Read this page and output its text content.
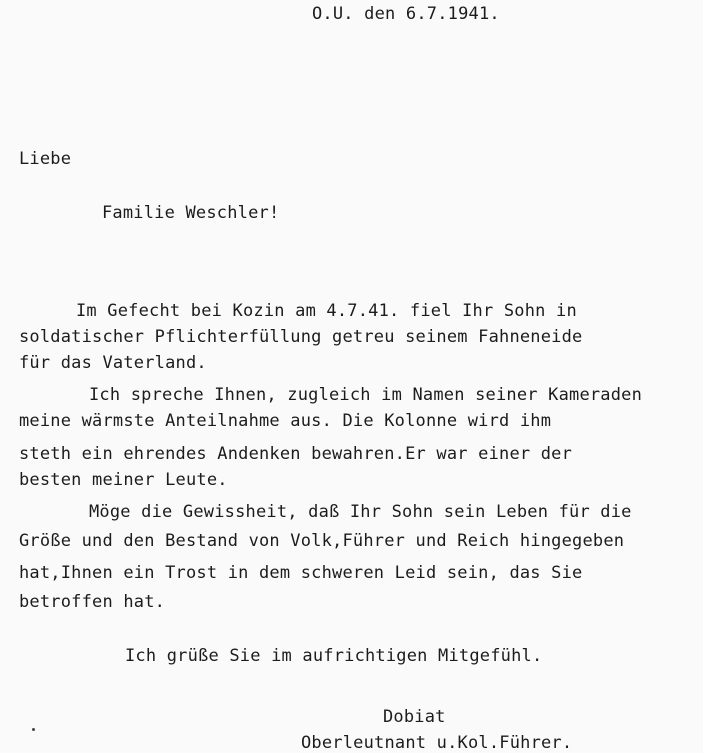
O.U. den 6.7.1941.
Liebe
Familie Weschler!
Im Gefecht bei Kozin am 4.7.41. fiel Ihr Sohn in
soldatischer Pflichterfüllung getreu seinem Fahneneide
für das Vaterland.
Ich spreche Ihnen, zugleich im Namen seiner Kameraden
meine wärmste Anteilnahme aus. Die Kolonne wird ihm
steth ein ehrendes Andenken bewahren.Er war einer der
besten meiner Leute.
Möge die Gewissheit, daß Ihr Sohn sein Leben für die
Größe und den Bestand von Volk,Führer und Reich hingegeben
hat,Ihnen ein Trost in dem schweren Leid sein, das Sie
betroffen hat.
Ich grüße Sie im aufrichtigen Mitgefühl.
Dobiat
Oberleutnant u.Kol.Führer.
